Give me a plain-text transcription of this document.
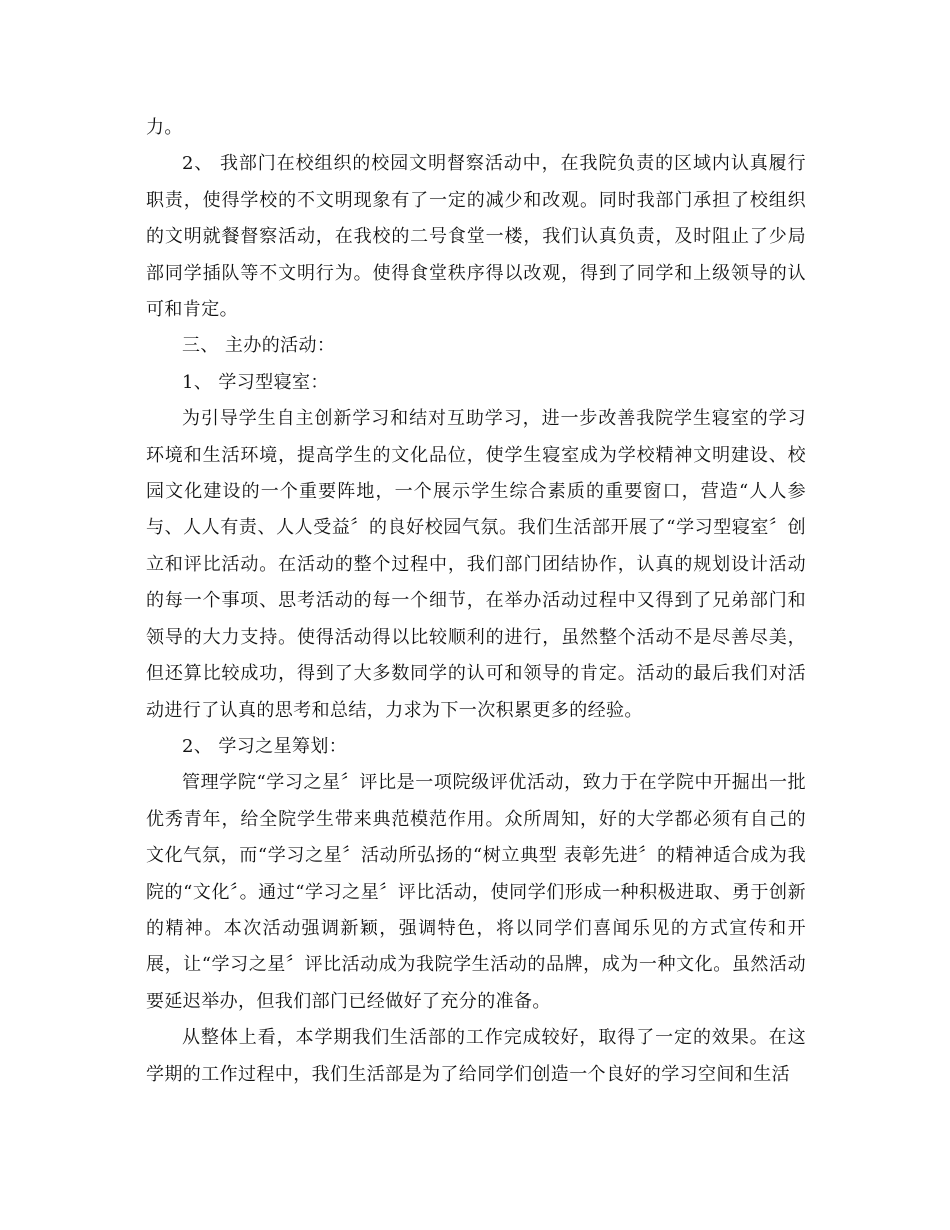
力。

2、 我部门在校组织的校园文明督察活动中，在我院负责的区域内认真履行职责，使得学校的不文明现象有了一定的减少和改观。同时我部门承担了校组织的文明就餐督察活动，在我校的二号食堂一楼，我们认真负责，及时阻止了少局部同学插队等不文明行为。使得食堂秩序得以改观，得到了同学和上级领导的认可和肯定。

三、 主办的活动：

1、 学习型寝室：

为引导学生自主创新学习和结对互助学习，进一步改善我院学生寝室的学习环境和生活环境，提高学生的文化品位，使学生寝室成为学校精神文明建设、校园文化建设的一个重要阵地，一个展示学生综合素质的重要窗口，营造“人人参与、人人有责、人人受益〞的良好校园气氛。我们生活部开展了“学习型寝室〞创立和评比活动。在活动的整个过程中，我们部门团结协作，认真的规划设计活动的每一个事项、思考活动的每一个细节，在举办活动过程中又得到了兄弟部门和领导的大力支持。使得活动得以比较顺利的进行，虽然整个活动不是尽善尽美，但还算比较成功，得到了大多数同学的认可和领导的肯定。活动的最后我们对活动进行了认真的思考和总结，力求为下一次积累更多的经验。

2、 学习之星筹划：

管理学院“学习之星〞评比是一项院级评优活动，致力于在学院中开掘出一批优秀青年，给全院学生带来典范模范作用。众所周知，好的大学都必须有自己的文化气氛，而“学习之星〞活动所弘扬的“树立典型 表彰先进〞的精神适合成为我院的“文化〞。通过“学习之星〞评比活动，使同学们形成一种积极进取、勇于创新的精神。本次活动强调新颖，强调特色，将以同学们喜闻乐见的方式宣传和开展，让“学习之星〞评比活动成为我院学生活动的品牌，成为一种文化。虽然活动要延迟举办，但我们部门已经做好了充分的准备。

从整体上看，本学期我们生活部的工作完成较好，取得了一定的效果。在这学期的工作过程中，我们生活部是为了给同学们创造一个良好的学习空间和生活
